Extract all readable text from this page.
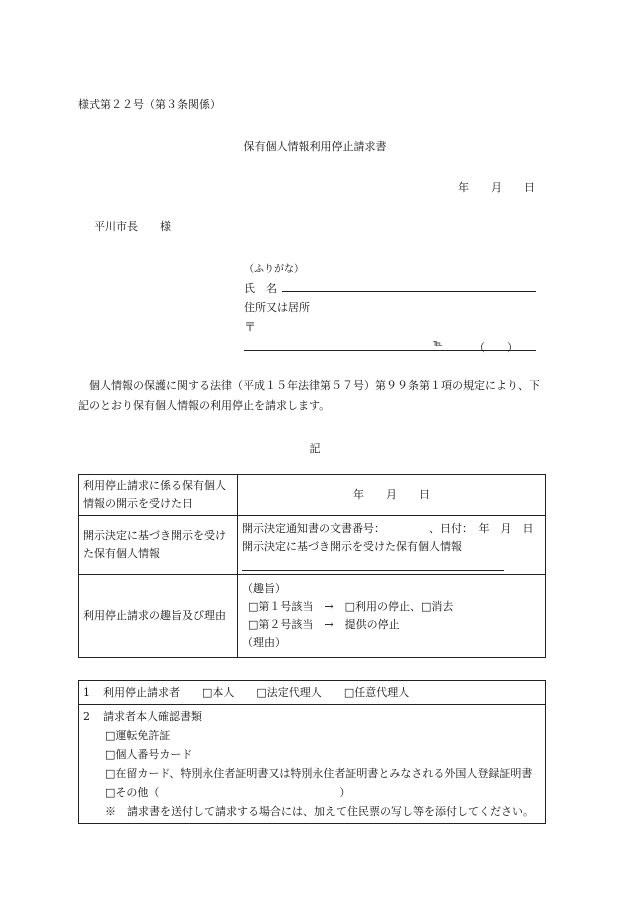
様式第２２号（第３条関係）
保有個人情報利用停止請求書
年 月 日
平川市長　　様
（ふりがな）
氏　名
住所又は居所
〒
℡	（　　）
個人情報の保護に関する法律（平成１５年法律第５７号）第９９条第１項の規定により、下記のとおり保有個人情報の利用停止を請求します。
記
利用停止請求に係る保有個人情報の開示を受けた日	年　　月　　日
開示決定に基づき開示を受けた保有個人情報	開示決定通知書の文書番号： 、日付：　年　月　日
開示決定に基づき開示を受けた保有個人情報

利用停止請求の趣旨及び理由	（趣旨）
□第１号該当　→　□利用の停止、□消去
□第２号該当　→　提供の停止
（理由）
1 利用停止請求者 □本人 □法定代理人 □任意代理人

2 請求者本人確認書類
□運転免許証
□個人番号カード
□在留カード、特別永住者証明書又は特別永住者証明書とみなされる外国人登録証明書
□その他（	）
※　請求書を送付して請求する場合には、加えて住民票の写し等を添付してください。
